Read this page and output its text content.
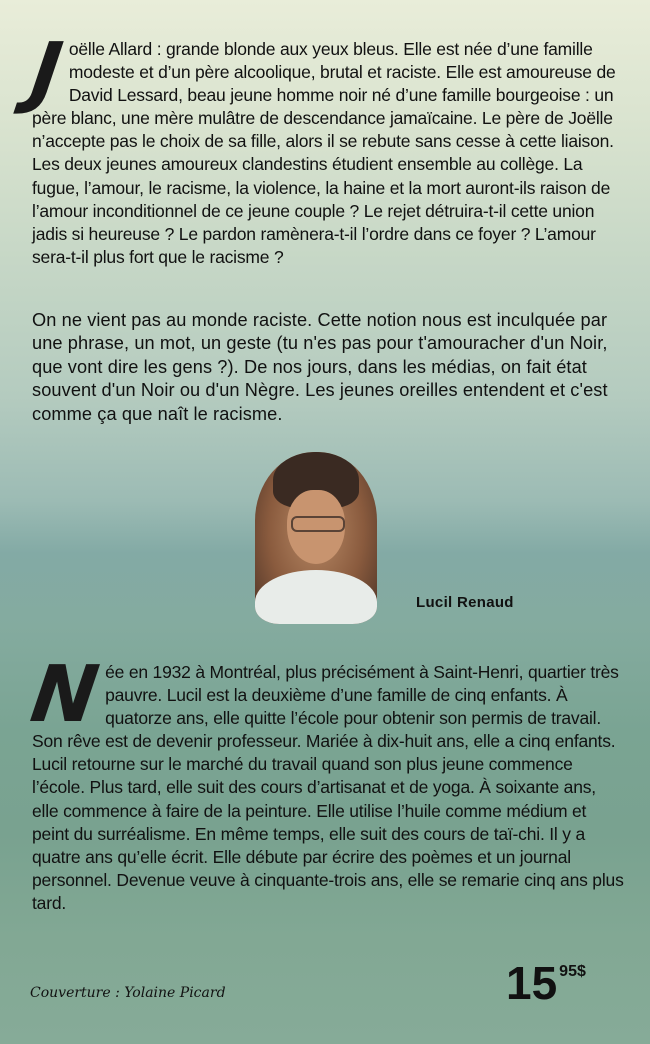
Joëlle Allard : grande blonde aux yeux bleus. Elle est née d’une famille modeste et d’un père alcoolique, brutal et raciste. Elle est amoureuse de David Lessard, beau jeune homme noir né d’une famille bourgeoise : un père blanc, une mère mulâtre de descendance jamaïcaine. Le père de Joëlle n’accepte pas le choix de sa fille, alors il se rebute sans cesse à cette liaison. Les deux jeunes amoureux clandestins étudient ensemble au collège. La fugue, l’amour, le racisme, la violence, la haine et la mort auront-ils raison de l’amour inconditionnel de ce jeune couple ? Le rejet détruira-t-il cette union jadis si heureuse ? Le pardon ramènera-t-il l’ordre dans ce foyer ? L’amour sera-t-il plus fort que le racisme ?
On ne vient pas au monde raciste. Cette notion nous est inculquée par une phrase, un mot, un geste (tu n'es pas pour t'amouracher d'un Noir, que vont dire les gens ?). De nos jours, dans les médias, on fait état souvent d'un Noir ou d'un Nègre. Les jeunes oreilles entendent et c'est comme ça que naît le racisme.
Lucil Renaud
Née en 1932 à Montréal, plus précisément à Saint-Henri, quartier très pauvre. Lucil est la deuxième d’une famille de cinq enfants. À quatorze ans, elle quitte l’école pour obtenir son permis de travail. Son rêve est de devenir professeur. Mariée à dix-huit ans, elle a cinq enfants. Lucil retourne sur le marché du travail quand son plus jeune commence l’école. Plus tard, elle suit des cours d’artisanat et de yoga. À soixante ans, elle commence à faire de la peinture. Elle utilise l’huile comme médium et peint du surréalisme. En même temps, elle suit des cours de taï-chi. Il y a quatre ans qu’elle écrit. Elle débute par écrire des poèmes et un journal personnel. Devenue veuve à cinquante-trois ans, elle se remarie cinq ans plus tard.
Couverture : Yolaine Picard	15 95$
